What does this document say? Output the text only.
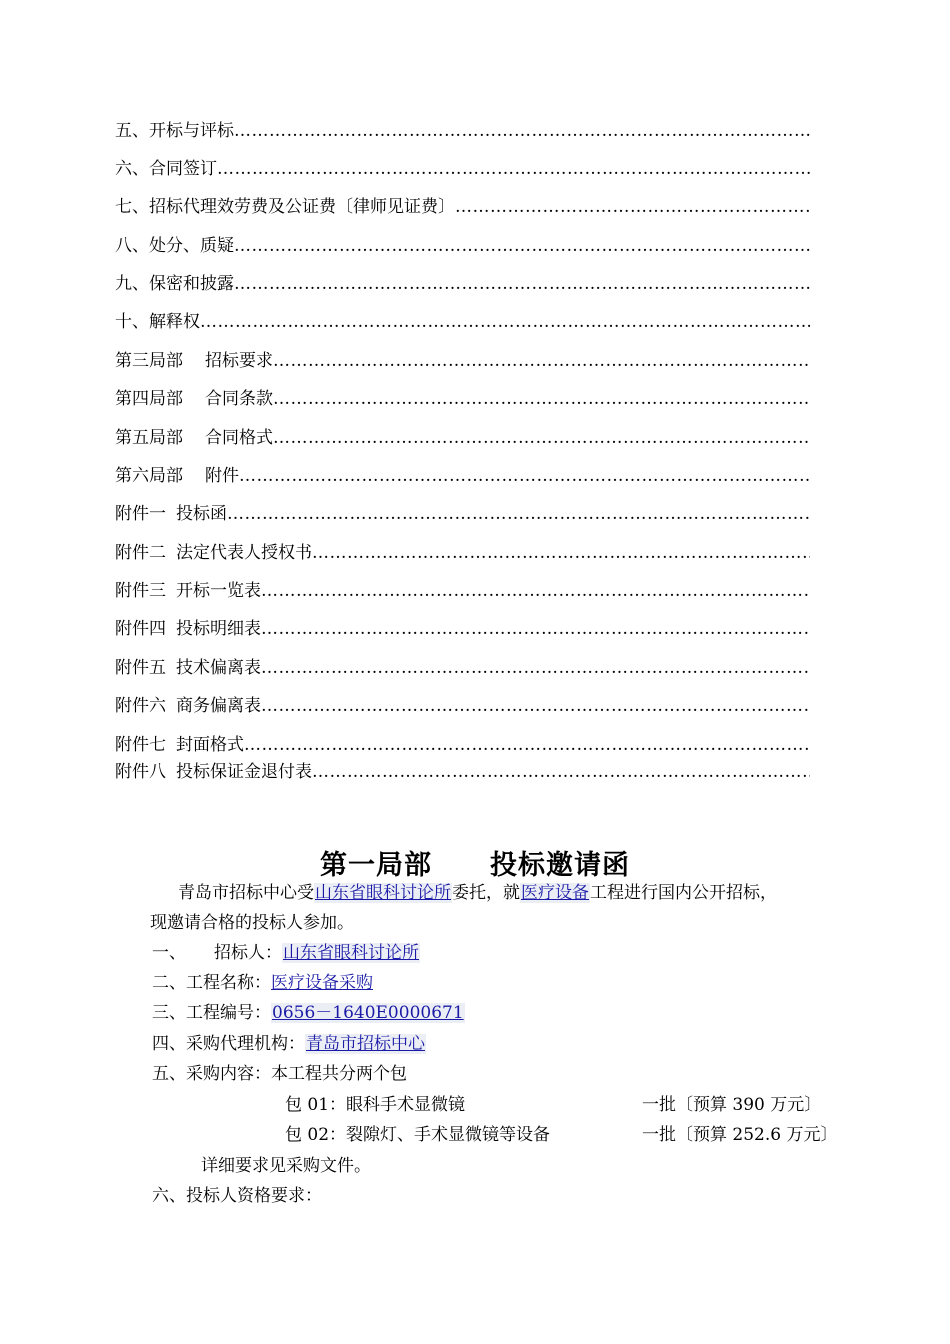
五、 开标与评标
……………………………………………………………………………………………………………………………………………………………………………………………………
六、 合同签订
……………………………………………………………………………………………………………………………………………………………………………………………………
七、 招标代理效劳费及公证费〔律师见证费〕
……………………………………………………………………………………………………………………………………………………………………………………………………
八、 处分、质疑
……………………………………………………………………………………………………………………………………………………………………………………………………
九、 保密和披露
……………………………………………………………………………………………………………………………………………………………………………………………………
十、 解释权
……………………………………………………………………………………………………………………………………………………………………………………………………
第三局部 招标要求
……………………………………………………………………………………………………………………………………………………………………………………………………
第四局部 合同条款
……………………………………………………………………………………………………………………………………………………………………………………………………
第五局部 合同格式
……………………………………………………………………………………………………………………………………………………………………………………………………
第六局部 附件
……………………………………………………………………………………………………………………………………………………………………………………………………
附件一 投标函
……………………………………………………………………………………………………………………………………………………………………………………………………
附件二 法定代表人授权书
……………………………………………………………………………………………………………………………………………………………………………………………………
附件三 开标一览表
……………………………………………………………………………………………………………………………………………………………………………………………………
附件四 投标明细表
……………………………………………………………………………………………………………………………………………………………………………………………………
附件五 技术偏离表
……………………………………………………………………………………………………………………………………………………………………………………………………
附件六 商务偏离表
……………………………………………………………………………………………………………………………………………………………………………………………………
附件七 封面格式
……………………………………………………………………………………………………………………………………………………………………………………………………
附件八 投标保证金退付表
……………………………………………………………………………………………………………………………………………………………………………………………………
第一局部 投标邀请函
青岛市招标中心受山东省眼科讨论所委托，就医疗设备工程进行国内公开招标，
现邀请合格的投标人参加。
一、 招标人：山东省眼科讨论所
二、工程名称：医疗设备采购
三、工程编号：0656－1640E0000671
四、采购代理机构：青岛市招标中心
五、采购内容：本工程共分两个包
包 01：眼科手术显微镜	一批〔预算 390 万元〕
包 02：裂隙灯、手术显微镜等设备	一批〔预算 252.6 万元〕
详细要求见采购文件。
六、投标人资格要求：
